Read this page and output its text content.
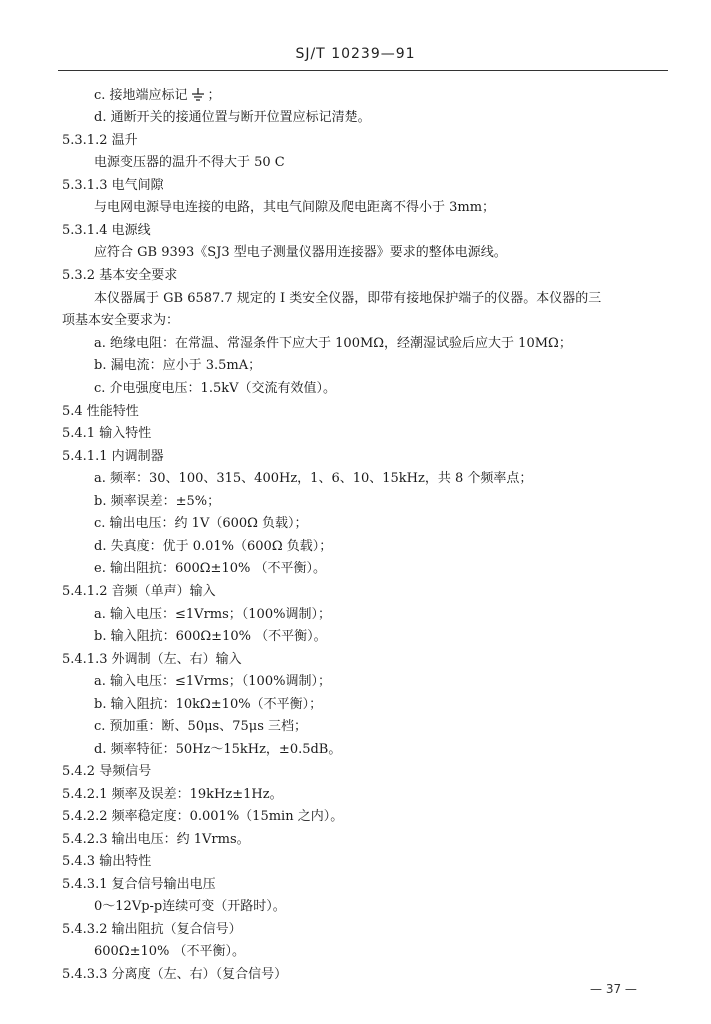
SJ/T 10239—91
c. 接地端应标记 ；
d. 通断开关的接通位置与断开位置应标记清楚。
5.3.1.2 温升
电源变压器的温升不得大于 50 C
5.3.1.3 电气间隙
与电网电源导电连接的电路，其电气间隙及爬电距离不得小于 3mm；
5.3.1.4 电源线
应符合 GB 9393《SJ3 型电子测量仪器用连接器》要求的整体电源线。
5.3.2 基本安全要求
本仪器属于 GB 6587.7 规定的 I 类安全仪器，即带有接地保护端子的仪器。本仪器的三
项基本安全要求为：
a. 绝缘电阻：在常温、常湿条件下应大于 100MΩ，经潮湿试验后应大于 10MΩ；
b. 漏电流：应小于 3.5mA；
c. 介电强度电压：1.5kV（交流有效值）。
5.4 性能特性
5.4.1 输入特性
5.4.1.1 内调制器
a. 频率：30、100、315、400Hz，1、6、10、15kHz，共 8 个频率点；
b. 频率误差：±5%；
c. 输出电压：约 1V（600Ω 负载）；
d. 失真度：优于 0.01%（600Ω 负载）；
e. 输出阻抗：600Ω±10% （不平衡）。
5.4.1.2 音频（单声）输入
a. 输入电压：≤1Vrms；（100%调制）；
b. 输入阻抗：600Ω±10% （不平衡）。
5.4.1.3 外调制（左、右）输入
a. 输入电压：≤1Vrms；（100%调制）；
b. 输入阻抗：10kΩ±10%（不平衡）；
c. 预加重：断、50μs、75μs 三档；
d. 频率特征：50Hz～15kHz，±0.5dB。
5.4.2 导频信号
5.4.2.1 频率及误差：19kHz±1Hz。
5.4.2.2 频率稳定度：0.001%（15min 之内）。
5.4.2.3 输出电压：约 1Vrms。
5.4.3 输出特性
5.4.3.1 复合信号输出电压
0～12Vp-p连续可变（开路时）。
5.4.3.2 输出阻抗（复合信号）
600Ω±10% （不平衡）。
5.4.3.3 分离度（左、右）（复合信号）
— 37 —
